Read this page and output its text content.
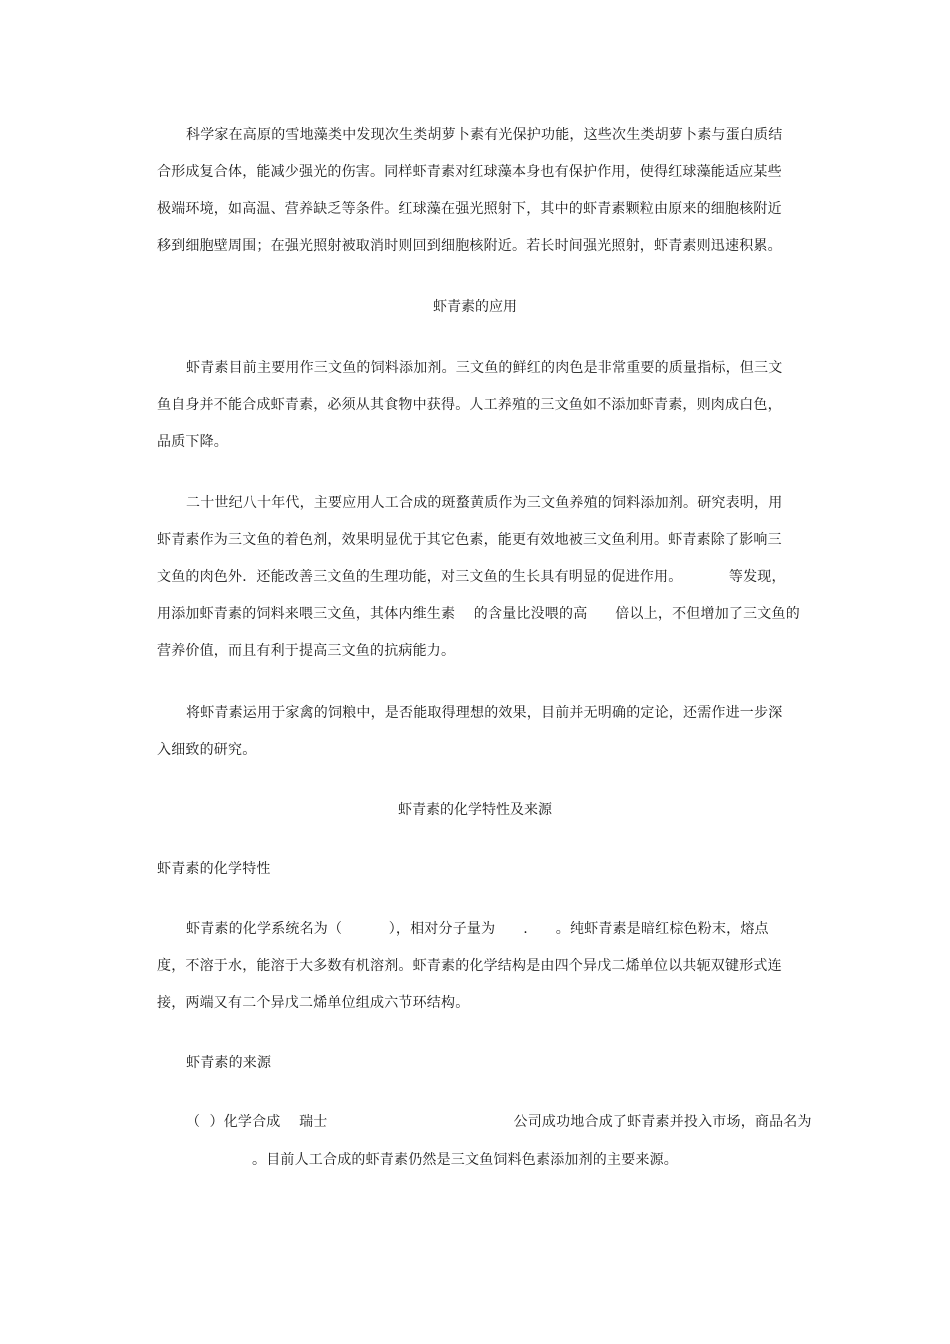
科学家在高原的雪地藻类中发现次生类胡萝卜素有光保护功能，这些次生类胡萝卜素与蛋白质结
合形成复合体，能减少强光的伤害。同样虾青素对红球藻本身也有保护作用，使得红球藻能适应某些
极端环境，如高温、营养缺乏等条件。红球藻在强光照射下，其中的虾青素颗粒由原来的细胞核附近
移到细胞壁周围；在强光照射被取消时则回到细胞核附近。若长时间强光照射，虾青素则迅速积累。
虾青素的应用
虾青素目前主要用作三文鱼的饲料添加剂。三文鱼的鲜红的肉色是非常重要的质量指标，但三文
鱼自身并不能合成虾青素，必须从其食物中获得。人工养殖的三文鱼如不添加虾青素，则肉成白色，
品质下降。
二十世纪八十年代，主要应用人工合成的斑蝥黄质作为三文鱼养殖的饲料添加剂。研究表明，用
虾青素作为三文鱼的着色剂，效果明显优于其它色素，能更有效地被三文鱼利用。虾青素除了影响三
文鱼的肉色外．还能改善三文鱼的生理功能，对三文鱼的生长具有明显的促进作用。          等发现，
用添加虾青素的饲料来喂三文鱼，其体内维生素    的含量比没喂的高      倍以上，不但增加了三文鱼的
营养价值，而且有利于提高三文鱼的抗病能力。
将虾青素运用于家禽的饲粮中，是否能取得理想的效果，目前并无明确的定论，还需作进一步深
入细致的研究。
虾青素的化学特性及来源
虾青素的化学特性
虾青素的化学系统名为（          ），相对分子量为      .      。纯虾青素是暗红棕色粉末，熔点
度，不溶于水，能溶于大多数有机溶剂。虾青素的化学结构是由四个异戊二烯单位以共轭双键形式连
接，两端又有二个异戊二烯单位组成六节环结构。
虾青素的来源
（  ）化学合成    瑞士                                        公司成功地合成了虾青素并投入市场，商品名为
。目前人工合成的虾青素仍然是三文鱼饲料色素添加剂的主要来源。
